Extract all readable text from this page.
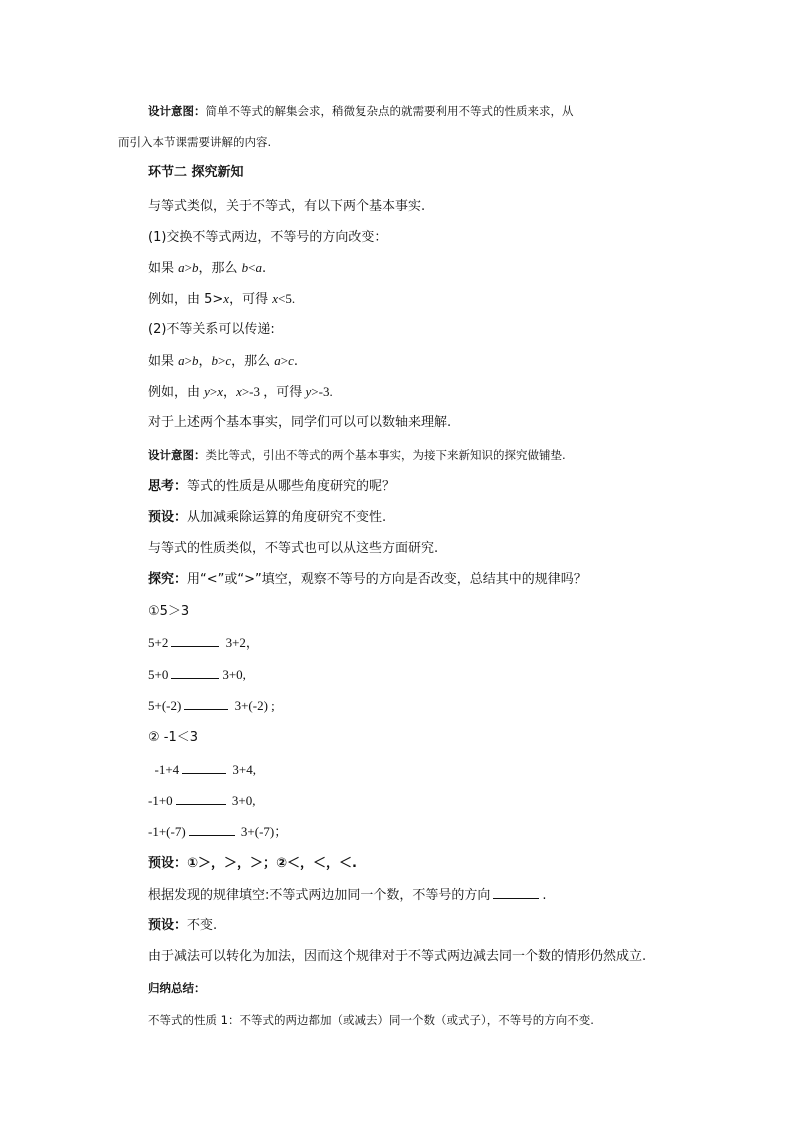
设计意图：简单不等式的解集会求，稍微复杂点的就需要利用不等式的性质来求，从
而引入本节课需要讲解的内容.
环节二 探究新知
与等式类似，关于不等式，有以下两个基本事实.
(1)交换不等式两边，不等号的方向改变：
如果 a>b，那么 b<a.
例如，由 5>x，可得 x<5.
(2)不等关系可以传递:
如果 a>b，b>c，那么 a>c.
例如，由 y>x，x>-3 ，可得 y>-3.
对于上述两个基本事实，同学们可以可以数轴来理解.
设计意图：类比等式，引出不等式的两个基本事实，为接下来新知识的探究做铺垫.
思考：等式的性质是从哪些角度研究的呢？
预设：从加减乘除运算的角度研究不变性.
与等式的性质类似，不等式也可以从这些方面研究.
探究：用“<”或“>”填空，观察不等号的方向是否改变，总结其中的规律吗？
①5＞3
5+2	3+2，
5+0	3+0,
5+(-2)	3+(-2) ;
② -1＜3
-1+4	3+4,
-1+0	3+0,
-1+(-7)	3+(-7)；
预设：①＞，＞，＞；②＜，＜，＜.
根据发现的规律填空:不等式两边加同一个数，不等号的方向	.
预设：不变.
由于减法可以转化为加法，因而这个规律对于不等式两边减去同一个数的情形仍然成立.
归纳总结：
不等式的性质 1：不等式的两边都加（或减去）同一个数（或式子），不等号的方向不变.
